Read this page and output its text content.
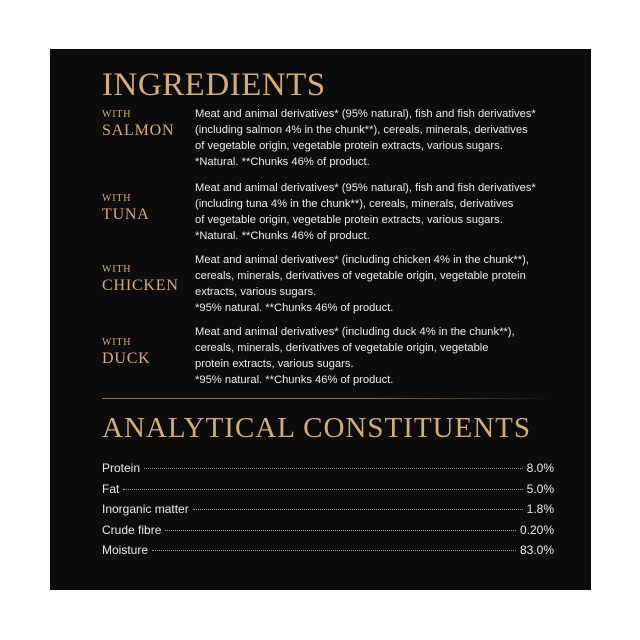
INGREDIENTS
WITH
SALMON
Meat and animal derivatives* (95% natural), fish and fish derivatives*
(including salmon 4% in the chunk**), cereals, minerals, derivatives
of vegetable origin, vegetable protein extracts, various sugars.
*Natural. **Chunks 46% of product.
WITH
TUNA
Meat and animal derivatives* (95% natural), fish and fish derivatives*
(including tuna 4% in the chunk**), cereals, minerals, derivatives
of vegetable origin, vegetable protein extracts, various sugars.
*Natural. **Chunks 46% of product.
WITH
CHICKEN
Meat and animal derivatives* (including chicken 4% in the chunk**),
cereals, minerals, derivatives of vegetable origin, vegetable protein
extracts, various sugars.
*95% natural. **Chunks 46% of product.
WITH
DUCK
Meat and animal derivatives* (including duck 4% in the chunk**),
cereals, minerals, derivatives of vegetable origin, vegetable
protein extracts, various sugars.
*95% natural. **Chunks 46% of product.
ANALYTICAL CONSTITUENTS
Protein	8.0%
Fat	5.0%
Inorganic matter	1.8%
Crude fibre	0.20%
Moisture	83.0%
